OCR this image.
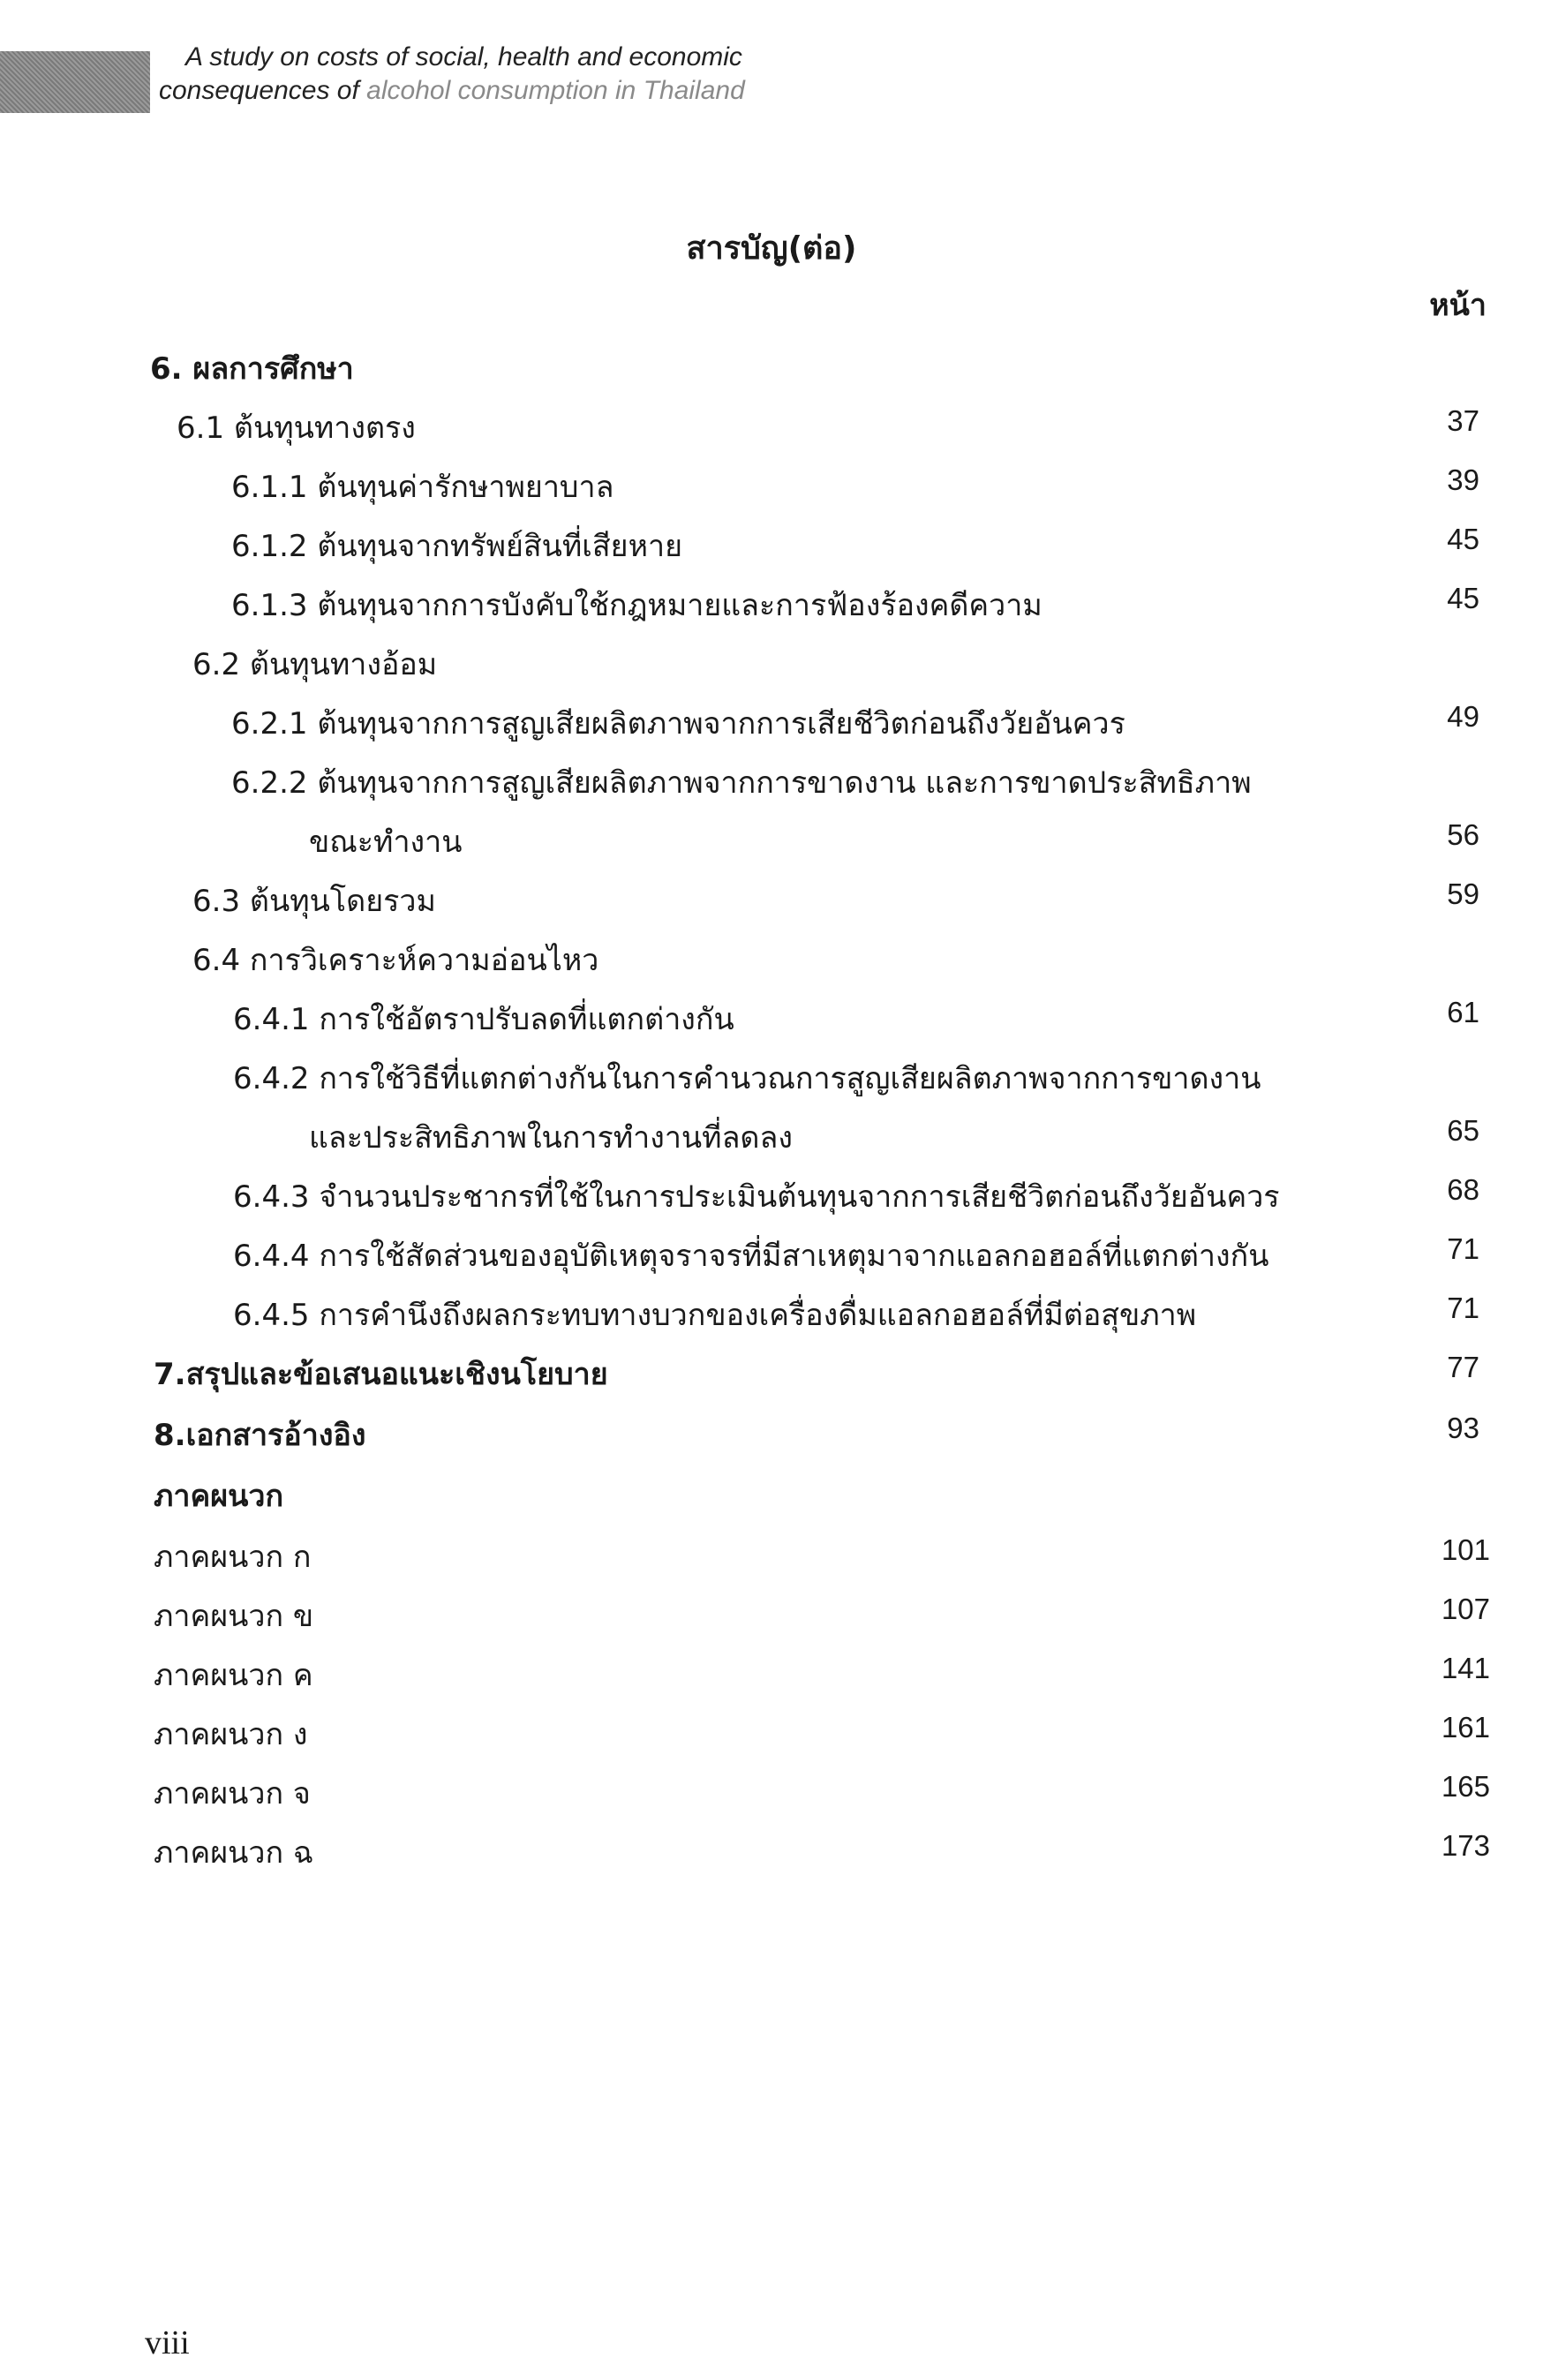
A study on costs of social, health and economic
consequences of alcohol consumption in Thailand
สารบัญ(ต่อ)
หน้า
6. ผลการศึกษา
6.1 ต้นทุนทางตรง	37
6.1.1 ต้นทุนค่ารักษาพยาบาล	39
6.1.2 ต้นทุนจากทรัพย์สินที่เสียหาย	45
6.1.3 ต้นทุนจากการบังคับใช้กฎหมายและการฟ้องร้องคดีความ	45
6.2 ต้นทุนทางอ้อม
6.2.1 ต้นทุนจากการสูญเสียผลิตภาพจากการเสียชีวิตก่อนถึงวัยอันควร	49
6.2.2 ต้นทุนจากการสูญเสียผลิตภาพจากการขาดงาน และการขาดประสิทธิภาพ
ขณะทำงาน	56
6.3 ต้นทุนโดยรวม	59
6.4 การวิเคราะห์ความอ่อนไหว
6.4.1 การใช้อัตราปรับลดที่แตกต่างกัน	61
6.4.2 การใช้วิธีที่แตกต่างกันในการคำนวณการสูญเสียผลิตภาพจากการขาดงาน
และประสิทธิภาพในการทำงานที่ลดลง	65
6.4.3 จำนวนประชากรที่ใช้ในการประเมินต้นทุนจากการเสียชีวิตก่อนถึงวัยอันควร	68
6.4.4 การใช้สัดส่วนของอุบัติเหตุจราจรที่มีสาเหตุมาจากแอลกอฮอล์ที่แตกต่างกัน	71
6.4.5 การคำนึงถึงผลกระทบทางบวกของเครื่องดื่มแอลกอฮอล์ที่มีต่อสุขภาพ	71
7.สรุปและข้อเสนอแนะเชิงนโยบาย	77
8.เอกสารอ้างอิง	93
ภาคผนวก
ภาคผนวก ก	101
ภาคผนวก ข	107
ภาคผนวก ค	141
ภาคผนวก ง	161
ภาคผนวก จ	165
ภาคผนวก ฉ	173
viii
